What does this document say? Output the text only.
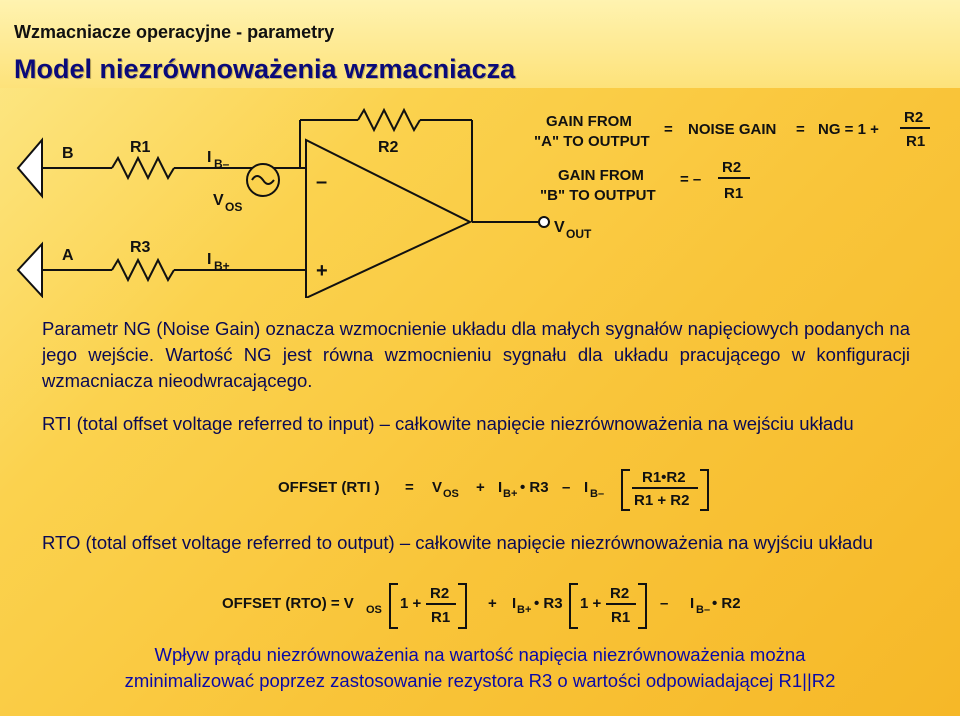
Wzmacniacze operacyjne - parametry
Model niezrównoważenia wzmacniacza
B
A
R1
R3
R2
I B–
V OS
I B+
–
+
V OUT
GAIN FROM
"A" TO OUTPUT
= NOISE GAIN = NG = 1 +
R2
R1
GAIN FROM
"B" TO OUTPUT
= –
R2
R1
Parametr NG (Noise Gain) oznacza wzmocnienie układu dla małych sygnałów napięciowych podanych na jego wejście. Wartość NG jest równa wzmocnieniu sygnału dla układu pracującego w konfiguracji wzmacniacza nieodwracającego.
RTI (total offset voltage referred to input) – całkowite napięcie niezrównoważenia na wejściu układu
OFFSET (RTI ) = V OS + I B+ • R3 – I B–
R1•R2
R1 + R2
RTO (total offset voltage referred to output) – całkowite napięcie niezrównoważenia na wyjściu układu
OFFSET (RTO) = V OS 1 +
R2
R1
+ I B+ • R3 1 +
R2
R1
– I B– • R2
Wpływ prądu niezrównoważenia na wartość napięcia niezrównoważenia można
zminimalizować poprzez zastosowanie rezystora R3 o wartości odpowiadającej R1||R2
